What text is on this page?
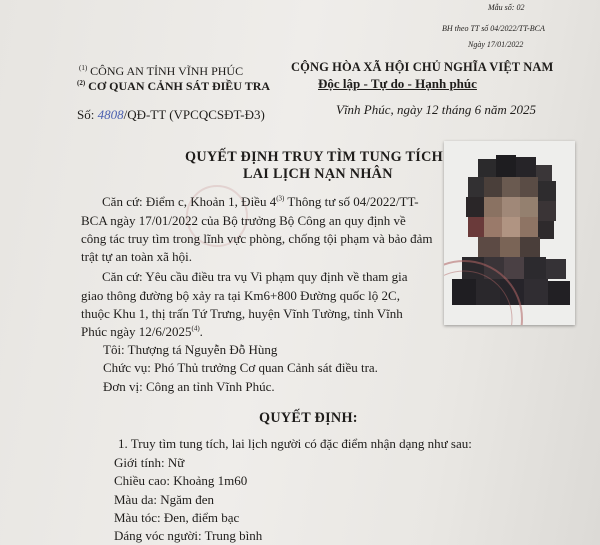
Mẫu số: 02
BH theo TT số 04/2022/TT-BCA
Ngày 17/01/2022
$^{(1)}$ CÔNG AN TỈNH VĨNH PHÚC
$^{(2)}$ CƠ QUAN CẢNH SÁT ĐIỀU TRA
CỘNG HÒA XÃ HỘI CHỦ NGHĨA VIỆT NAM
Độc lập - Tự do - Hạnh phúc
Số: 4808/QĐ-TT (VPCQCSĐT-Đ3)	Vĩnh Phúc, ngày 12 tháng 6 năm 2025
QUYẾT ĐỊNH TRUY TÌM TUNG TÍCH
LAI LỊCH NẠN NHÂN
Căn cứ: Điểm c, Khoản 1, Điều 4$^{(3)}$ Thông tư số 04/2022/TT-
BCA ngày 17/01/2022 của Bộ trưởng Bộ Công an quy định về
công tác truy tìm trong lĩnh vực phòng, chống tội phạm và bảo đảm
trật tự an toàn xã hội.
Căn cứ: Yêu cầu điều tra vụ Vi phạm quy định về tham gia
giao thông đường bộ xảy ra tại Km6+800 Đường quốc lộ 2C,
thuộc Khu 1, thị trấn Tứ Trưng, huyện Vĩnh Tường, tỉnh Vĩnh
Phúc ngày 12/6/2025$^{(4)}$.
Tôi: Thượng tá Nguyễn Đỗ Hùng
Chức vụ: Phó Thủ trưởng Cơ quan Cảnh sát điều tra.
Đơn vị: Công an tỉnh Vĩnh Phúc.
QUYẾT ĐỊNH:
1. Truy tìm tung tích, lai lịch người có đặc điểm nhận dạng như sau:
Giới tính: Nữ
Chiều cao: Khoảng 1m60
Màu da: Ngăm đen
Màu tóc: Đen, điểm bạc
Dáng vóc người: Trung bình
